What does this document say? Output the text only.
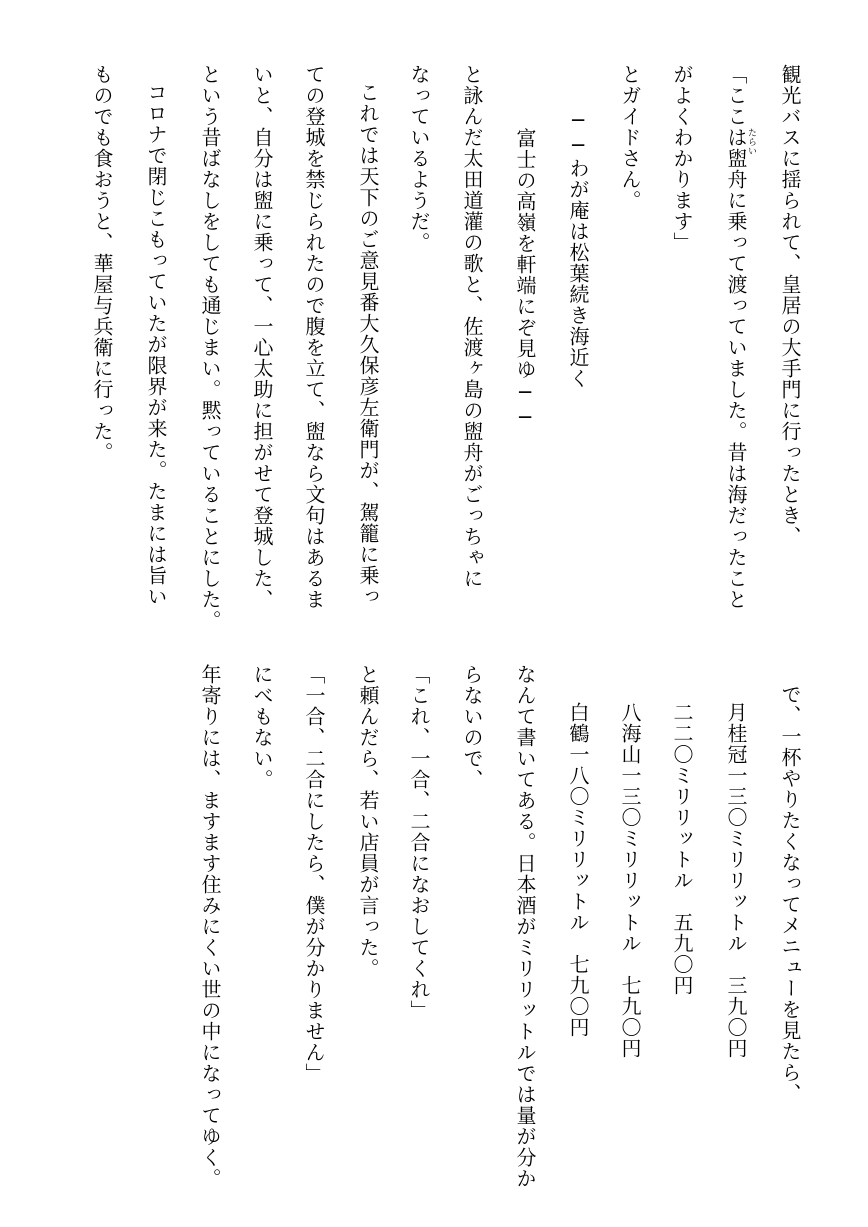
観光バスに揺られて、皇居の大手門に行ったとき、
「ここは盥舟に乗って渡っていました。昔は海だったこと
たらい
がよくわかります」
とガイドさん。
──わが庵は松葉続き海近く
富士の高嶺を軒端にぞ見ゆ──
と詠んだ太田道灌の歌と、佐渡ヶ島の盥舟がごっちゃに
なっているようだ。
これでは天下のご意見番大久保彦左衛門が、駕籠に乗っ
ての登城を禁じられたので腹を立て、盥なら文句はあるま
いと、自分は盥に乗って、一心太助に担がせて登城した、
という昔ばなしをしても通じまい。黙っていることにした。
コロナで閉じこもっていたが限界が来た。たまには旨い
ものでも食おうと、華屋与兵衛に行った。
で、一杯やりたくなってメニューを見たら、
月桂冠一三〇ミリリットル　三九〇円
二二〇ミリリットル　五九〇円
八海山一三〇ミリリットル　七九〇円
白鶴一八〇ミリリットル　七九〇円
なんて書いてある。日本酒がミリリットルでは量が分か
らないので、
「これ、一合、二合になおしてくれ」
と頼んだら、若い店員が言った。
「一合、二合にしたら、僕が分かりません」
にべもない。
年寄りには、ますます住みにくい世の中になってゆく。
